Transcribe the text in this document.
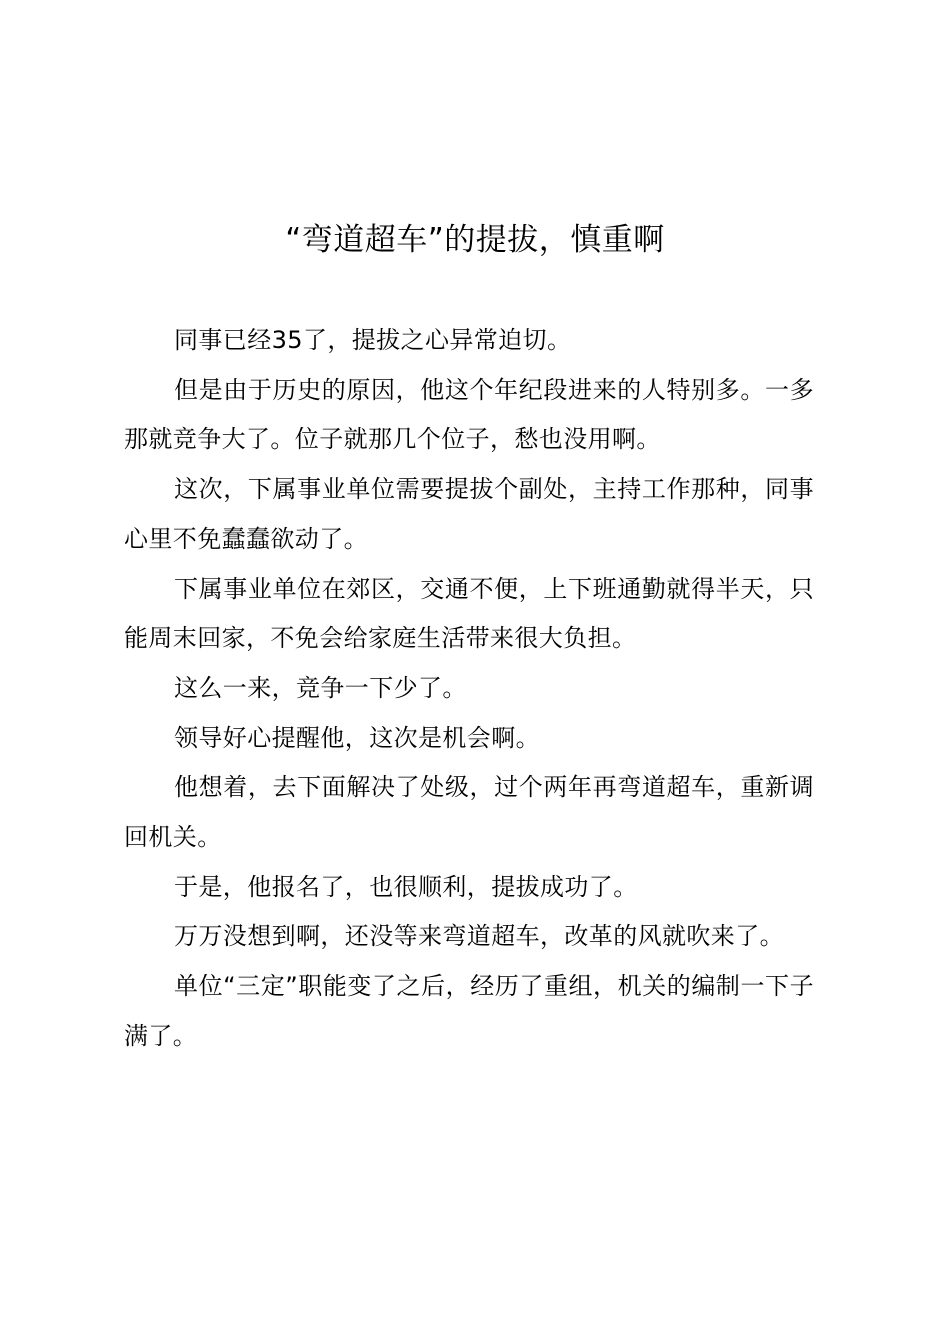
“弯道超车”的提拔，慎重啊

同事已经35了，提拔之心异常迫切。

但是由于历史的原因，他这个年纪段进来的人特别多。一多那就竞争大了。位子就那几个位子，愁也没用啊。

这次，下属事业单位需要提拔个副处，主持工作那种，同事心里不免蠢蠢欲动了。

下属事业单位在郊区，交通不便，上下班通勤就得半天，只能周末回家，不免会给家庭生活带来很大负担。

这么一来，竞争一下少了。

领导好心提醒他，这次是机会啊。

他想着，去下面解决了处级，过个两年再弯道超车，重新调回机关。

于是，他报名了，也很顺利，提拔成功了。

万万没想到啊，还没等来弯道超车，改革的风就吹来了。

单位“三定”职能变了之后，经历了重组，机关的编制一下子满了。
